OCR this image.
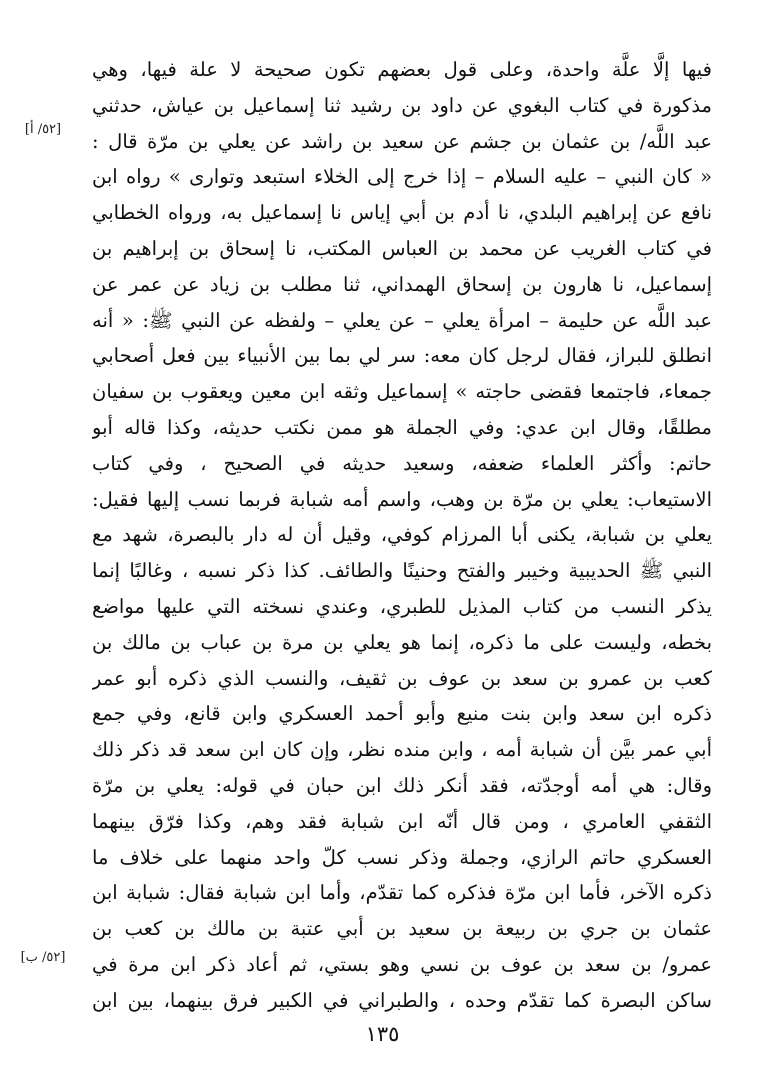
[٥٢/ أ]
[٥٢/ ب]
فيها إلَّا علَّة واحدة، وعلى قول بعضهم تكون صحيحة لا علة فيها، وهي
مذكورة في كتاب البغوي عن داود بن رشيد ثنا إسماعيل بن عياش، حدثني
عبد اللَّه/ بن عثمان بن جشم عن سعيد بن راشد عن يعلي بن مرّة قال :
« كان النبي – عليه السلام – إذا خرج إلى الخلاء استبعد وتوارى » رواه ابن
نافع عن إبراهيم البلدي، نا أدم بن أبي إياس نا إسماعيل به، ورواه الخطابي
في كتاب الغريب عن محمد بن العباس المكتب، نا إسحاق بن إبراهيم بن
إسماعيل، نا هارون بن إسحاق الهمداني، ثنا مطلب بن زياد عن عمر عن
عبد اللَّه عن حليمة – امرأة يعلي – عن يعلي – ولفظه عن النبي ﷺ: « أنه
انطلق للبراز، فقال لرجل كان معه: سر لي بما بين الأنبياء بين فعل أصحابي
جمعاء، فاجتمعا فقضى حاجته » إسماعيل وثقه ابن معين ويعقوب بن سفيان
مطلقًا، وقال ابن عدي: وفي الجملة هو ممن نكتب حديثه، وكذا قاله أبو
حاتم: وأكثر العلماء ضعفه، وسعيد حديثه في الصحيح ، وفي كتاب
الاستيعاب: يعلي بن مرّة بن وهب، واسم أمه شبابة فربما نسب إليها فقيل:
يعلي بن شبابة، يكنى أبا المرزام كوفي، وقيل أن له دار بالبصرة، شهد مع
النبي ﷺ الحديبية وخيبر والفتح وحنينًا والطائف. كذا ذكر نسبه ، وغالبًا إنما
يذكر النسب من كتاب المذيل للطبري، وعندي نسخته التي عليها مواضع
بخطه، وليست على ما ذكره، إنما هو يعلي بن مرة بن عباب بن مالك بن
كعب بن عمرو بن سعد بن عوف بن ثقيف، والنسب الذي ذكره أبو عمر
ذكره ابن سعد وابن بنت منيع وأبو أحمد العسكري وابن قانع، وفي جمع
أبي عمر بيَّن أن شبابة أمه ، وابن منده نظر، وإن كان ابن سعد قد ذكر ذلك
وقال: هي أمه أوجدّته، فقد أنكر ذلك ابن حبان في قوله: يعلي بن مرّة
الثقفي العامري ، ومن قال أنّه ابن شبابة فقد وهم، وكذا فرّق بينهما
العسكري حاتم الرازي، وجملة وذكر نسب كلّ واحد منهما على خلاف ما
ذكره الآخر، فأما ابن مرّة فذكره كما تقدّم، وأما ابن شبابة فقال: شبابة ابن
عثمان بن جري بن ربيعة بن سعيد بن أبي عتبة بن مالك بن كعب بن
عمرو/ بن سعد بن عوف بن نسي وهو بستي، ثم أعاد ذكر ابن مرة في
ساكن البصرة كما تقدّم وحده ، والطبراني في الكبير فرق بينهما، بين ابن
١٣٥
